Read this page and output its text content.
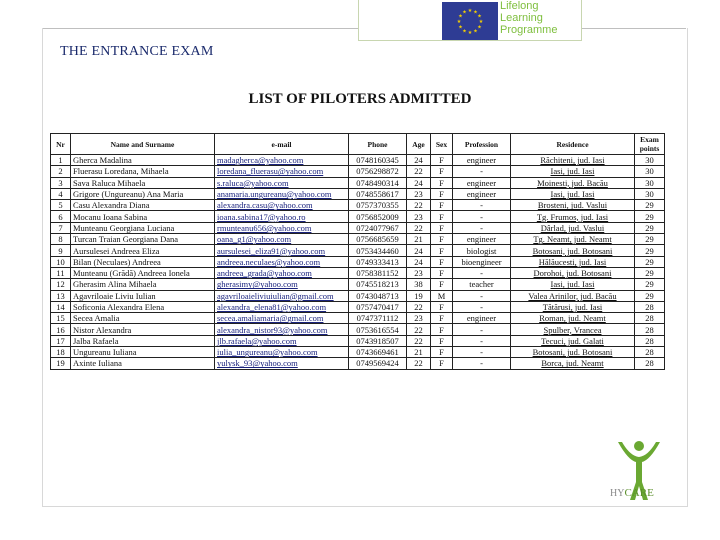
★ ★
★
★
★
★
★
★
★
★
★
★
Lifelong
Learning
Programme
THE ENTRANCE EXAM
LIST OF PILOTERS ADMITTED
Nr	Name and Surname	e-mail	Phone	Age	Sex	Profession	Residence	Exam points
1	Gherca Madalina	madagherca@yahoo.com	0748160345	24	F	engineer	Răchiteni, jud. Iasi	30
2	Fluerasu Loredana, Mihaela	loredana_fluerasu@yahoo.com	0756298872	22	F	-	Iasi, jud. Iasi	30
3	Sava Raluca Mihaela	s.raluca@yahoo.com	0748490314	24	F	engineer	Moinesti, jud. Bacău	30
4	Grigore (Ungureanu) Ana Maria	anamaria.ungureanu@yahoo.com	0748558617	23	F	engineer	Iasi, jud. Iasi	30
5	Casu Alexandra Diana	alexandra.casu@yahoo.com	0757370355	22	F	-	Brosteni, jud. Vaslui	29
6	Mocanu Ioana Sabina	ioana.sabina17@yahoo.ro	0756852009	23	F	-	Tg. Frumos, jud. Iasi	29
7	Munteanu Georgiana Luciana	rmunteanu656@yahoo.com	0724077967	22	F	-	Dârlad, jud. Vaslui	29
8	Turcan Traian Georgiana Dana	oana_g1@yahoo.com	0756685659	21	F	engineer	Tg. Neamt, jud. Neamt	29
9	Aursulesei Andreea Eliza	aursulesei_eliza91@yahoo.com	0753434460	24	F	biologist	Botosani, jud. Botosani	29
10	Bilan (Neculaes) Andreea	andreea.neculaes@yahoo.com	0749333413	24	F	bioengineer	Hălăucesti, jud. Iasi	29
11	Munteanu (Grădă) Andreea Ionela	andreea_grada@yahoo.com	0758381152	23	F	-	Dorohoi, jud. Botosani	29
12	Gherasim Alina Mihaela	gherasimy@yahoo.com	0745518213	38	F	teacher	Iasi, jud. Iasi	29
13	Agavriloaie Liviu Iulian	agavriloaieliviuiulian@gmail.com	0743048713	19	M	-	Valea Arinilor, jud. Bacău	29
14	Soficonia Alexandra Elena	alexandra_elena81@yahoo.com	0757470417	22	F	-	Tătărusi, jud. Iasi	28
15	Secea Amalia	secea.amaliamaria@gmail.com	0747371112	23	F	engineer	Roman, jud. Neamt	28
16	Nistor Alexandra	alexandra_nistor93@yahoo.com	0753616554	22	F	-	Spulber, Vrancea	28
17	Jalba Rafaela	jlb.rafaela@yahoo.com	0743918507	22	F	-	Tecuci, jud. Galati	28
18	Ungureanu Iuliana	iulia_ungureanu@yahoo.com	0743669461	21	F	-	Botosani, jud. Botosani	28
19	Axinte Iuliana	yulysk_93@yahoo.com	0749569424	22	F	-	Borca, jud. Neamt	28
HYCARE
